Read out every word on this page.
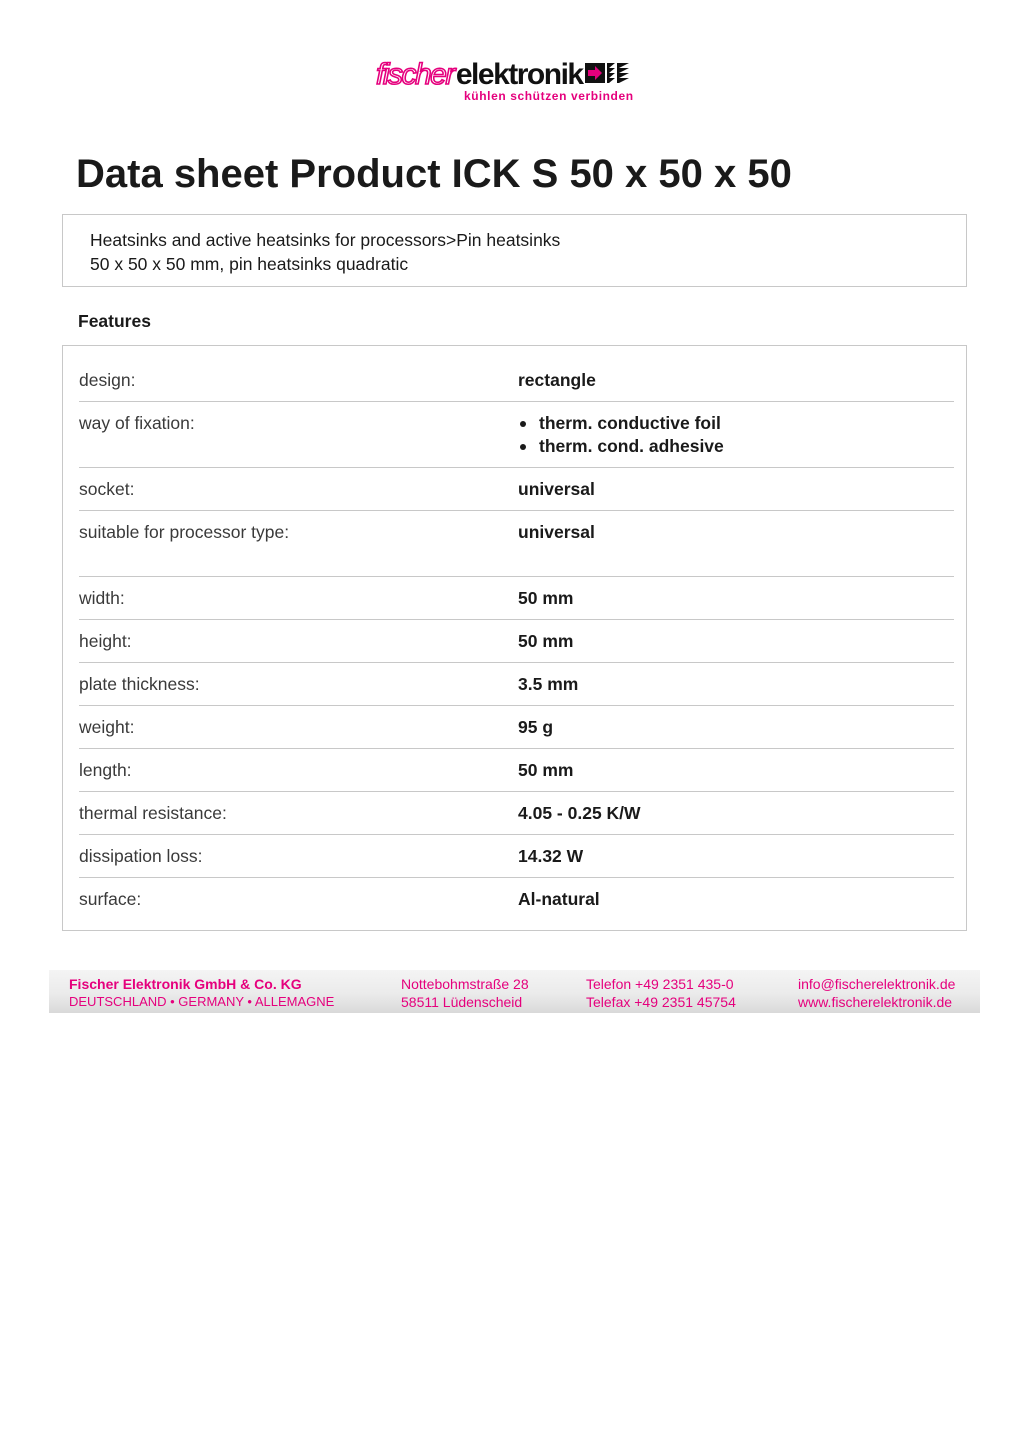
fischer elektronik
kühlen schützen verbinden
Data sheet Product ICK S 50 x 50 x 50
Heatsinks and active heatsinks for processors>Pin heatsinks
50 x 50 x 50 mm, pin heatsinks quadratic
Features
design:	rectangle
way of fixation:	therm. conductive foil
therm. cond. adhesive
socket:	universal
suitable for processor type:	universal
width:	50 mm
height:	50 mm
plate thickness:	3.5 mm
weight:	95 g
length:	50 mm
thermal resistance:	4.05 - 0.25 K/W
dissipation loss:	14.32 W
surface:	Al-natural
Fischer Elektronik GmbH & Co. KG
DEUTSCHLAND • GERMANY • ALLEMAGNE
Nottebohmstraße 28
58511 Lüdenscheid
Telefon +49 2351 435-0
Telefax +49 2351 45754
info@fischerelektronik.de
www.fischerelektronik.de
